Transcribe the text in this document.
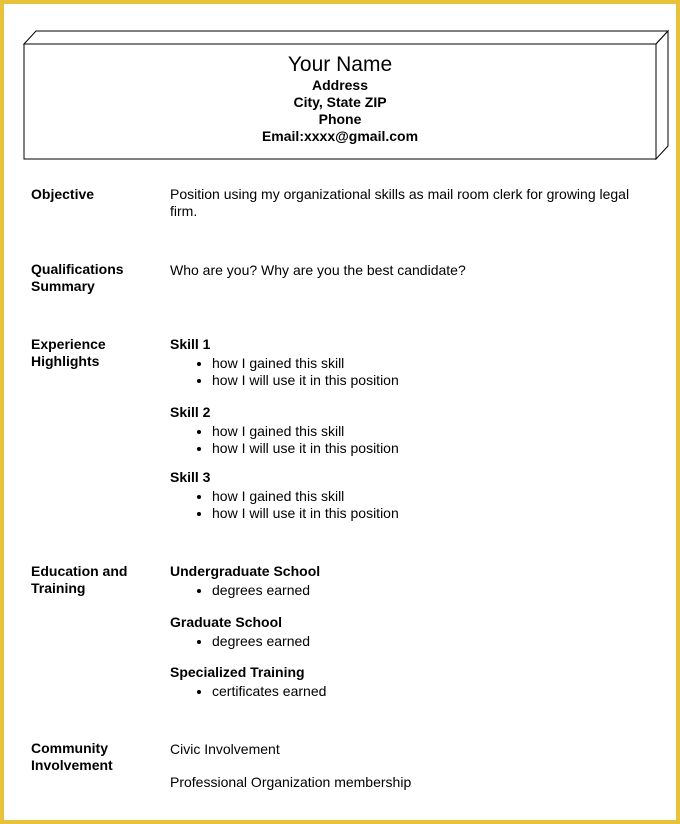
Your Name
Address
City, State ZIP
Phone
Email:xxxx@gmail.com
Objective	Position using my organizational skills as mail room clerk for growing legal firm.
Qualifications
Summary
Who are you? Why are you the best candidate?
Experience
Highlights
Skill 1
• how I gained this skill
• how I will use it in this position
Skill 2
• how I gained this skill
• how I will use it in this position
Skill 3
• how I gained this skill
• how I will use it in this position
Education and
Training
Undergraduate School
• degrees earned
Graduate School
• degrees earned
Specialized Training
• certificates earned
Community
Involvement
Civic Involvement
Professional Organization membership
